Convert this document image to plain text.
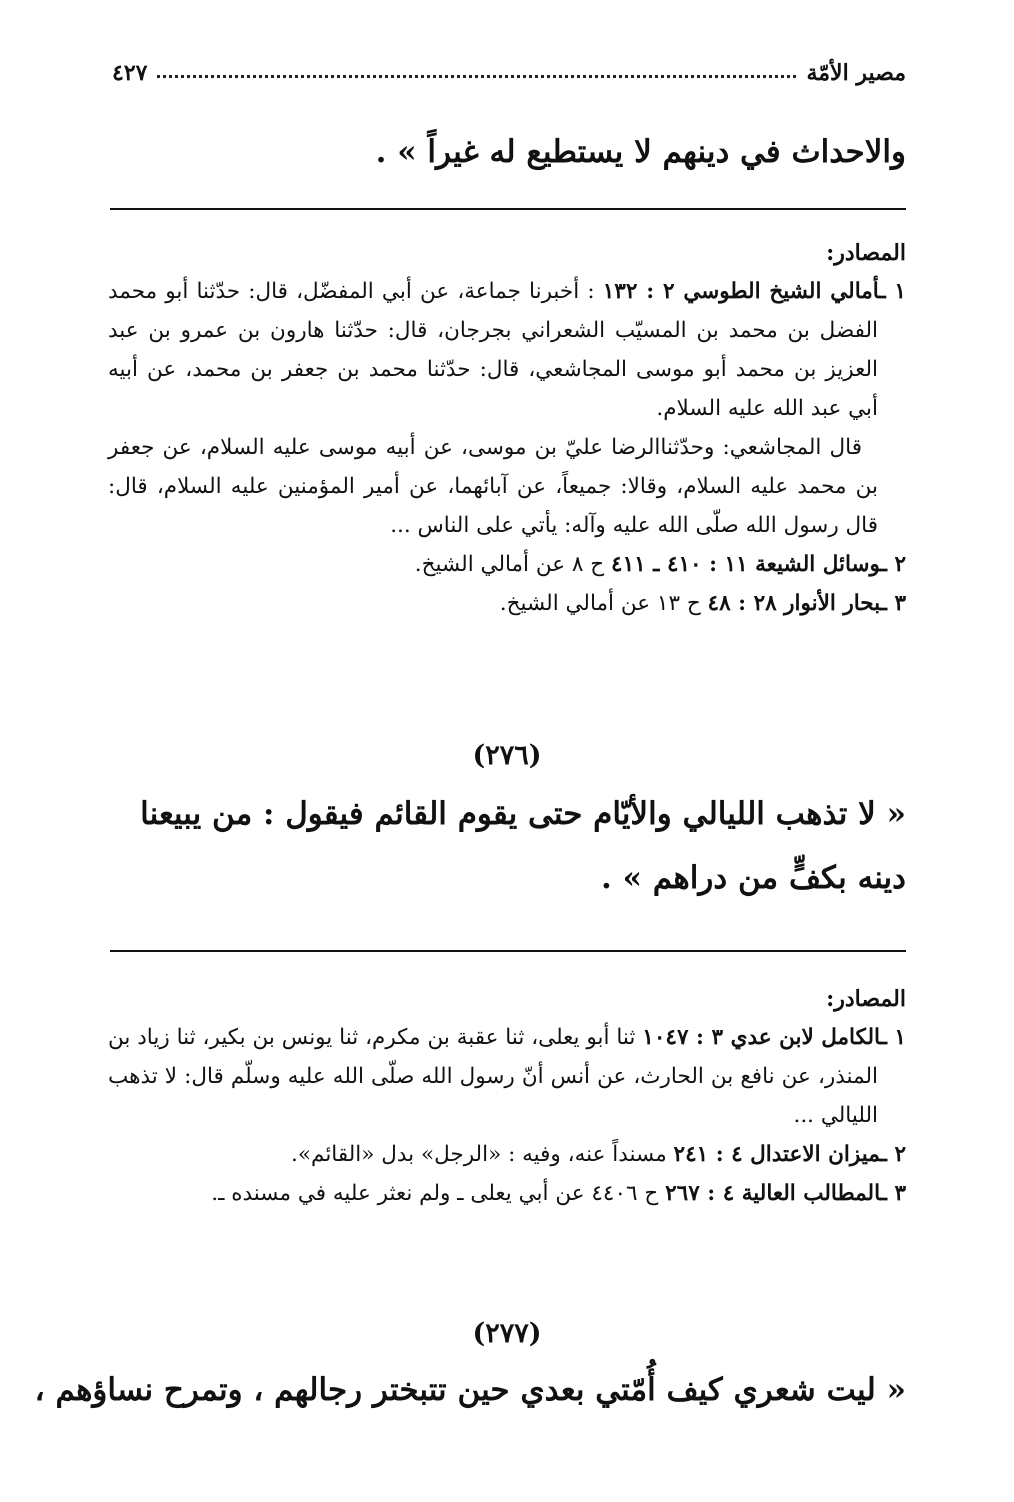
مصير الأمّة
٤٢٧
والاحداث في دينهم لا يستطيع له غيراً » .
المصادر:

١ ـأمالي الشيخ الطوسي ٢ : ١٣٢ : أخبرنا جماعة، عن أبي المفضّل، قال: حدّثنا أبو محمد الفضل بن محمد بن المسيّب الشعراني بجرجان، قال: حدّثنا هارون بن عمرو بن عبد العزيز بن محمد أبو موسى المجاشعي، قال: حدّثنا محمد بن جعفر بن محمد، عن أبيه أبي عبد الله عليه السلام.

قال المجاشعي: وحدّثناالرضا عليّ بن موسى، عن أبيه موسى عليه السلام، عن جعفر بن محمد عليه السلام، وقالا: جميعاً، عن آبائهما، عن أمير المؤمنين عليه السلام، قال: قال رسول الله صلّى الله عليه وآله: يأتي على الناس ...

٢ ـوسائل الشيعة ١١ : ٤١٠ ـ ٤١١ ح ٨ عن أمالي الشيخ.

٣ ـبحار الأنوار ٢٨ : ٤٨ ح ١٣ عن أمالي الشيخ.

(٢٧٦)
« لا تذهب الليالي والأيّام حتى يقوم القائم فيقول : من يبيعنا دينه بكفٍّ من دراهم » .
المصادر:

١ ـالكامل لابن عدي ٣ : ١٠٤٧ ثنا أبو يعلى، ثنا عقبة بن مكرم، ثنا يونس بن بكير، ثنا زياد بن المنذر، عن نافع بن الحارث، عن أنس أنّ رسول الله صلّى الله عليه وسلّم قال: لا تذهب الليالي ...

٢ ـميزان الاعتدال ٤ : ٢٤١ مسنداً عنه، وفيه : «الرجل» بدل «القائم».

٣ ـالمطالب العالية ٤ : ٢٦٧ ح ٤٤٠٦ عن أبي يعلى ـ ولم نعثر عليه في مسنده ـ.

(٢٧٧)
« ليت شعري كيف أُمّتي بعدي حين تتبختر رجالهم ، وتمرح نساؤهم ،
